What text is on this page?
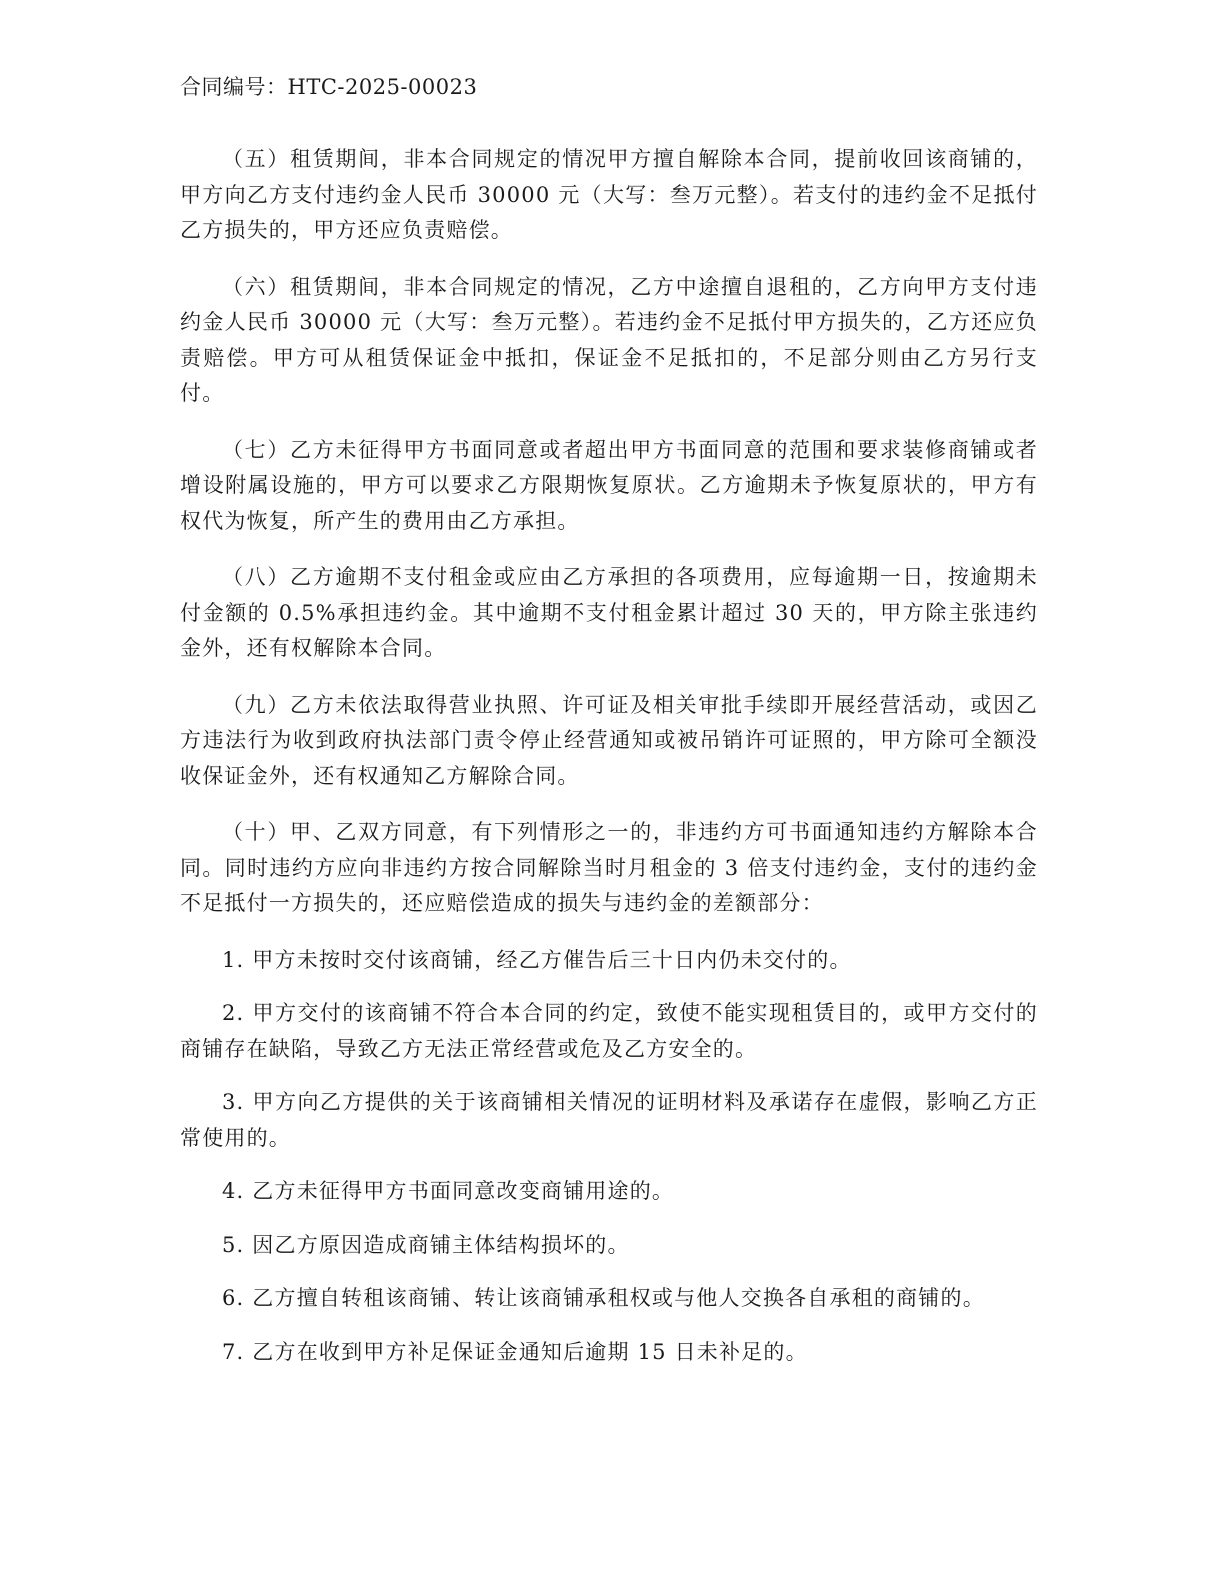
合同编号：HTC-2025-00023

（五）租赁期间，非本合同规定的情况甲方擅自解除本合同，提前收回该商铺的，甲方向乙方支付违约金人民币 30000 元（大写：叁万元整）。若支付的违约金不足抵付乙方损失的，甲方还应负责赔偿。

（六）租赁期间，非本合同规定的情况，乙方中途擅自退租的，乙方向甲方支付违约金人民币 30000 元（大写：叁万元整）。若违约金不足抵付甲方损失的，乙方还应负责赔偿。甲方可从租赁保证金中抵扣，保证金不足抵扣的，不足部分则由乙方另行支付。

（七）乙方未征得甲方书面同意或者超出甲方书面同意的范围和要求装修商铺或者增设附属设施的，甲方可以要求乙方限期恢复原状。乙方逾期未予恢复原状的，甲方有权代为恢复，所产生的费用由乙方承担。

（八）乙方逾期不支付租金或应由乙方承担的各项费用，应每逾期一日，按逾期未付金额的 0.5%承担违约金。其中逾期不支付租金累计超过 30 天的，甲方除主张违约金外，还有权解除本合同。

（九）乙方未依法取得营业执照、许可证及相关审批手续即开展经营活动，或因乙方违法行为收到政府执法部门责令停止经营通知或被吊销许可证照的，甲方除可全额没收保证金外，还有权通知乙方解除合同。

（十）甲、乙双方同意，有下列情形之一的，非违约方可书面通知违约方解除本合同。同时违约方应向非违约方按合同解除当时月租金的 3 倍支付违约金，支付的违约金不足抵付一方损失的，还应赔偿造成的损失与违约金的差额部分：

1. 甲方未按时交付该商铺，经乙方催告后三十日内仍未交付的。

2. 甲方交付的该商铺不符合本合同的约定，致使不能实现租赁目的，或甲方交付的商铺存在缺陷，导致乙方无法正常经营或危及乙方安全的。

3. 甲方向乙方提供的关于该商铺相关情况的证明材料及承诺存在虚假，影响乙方正常使用的。

4. 乙方未征得甲方书面同意改变商铺用途的。

5. 因乙方原因造成商铺主体结构损坏的。

6. 乙方擅自转租该商铺、转让该商铺承租权或与他人交换各自承租的商铺的。

7. 乙方在收到甲方补足保证金通知后逾期 15 日未补足的。
